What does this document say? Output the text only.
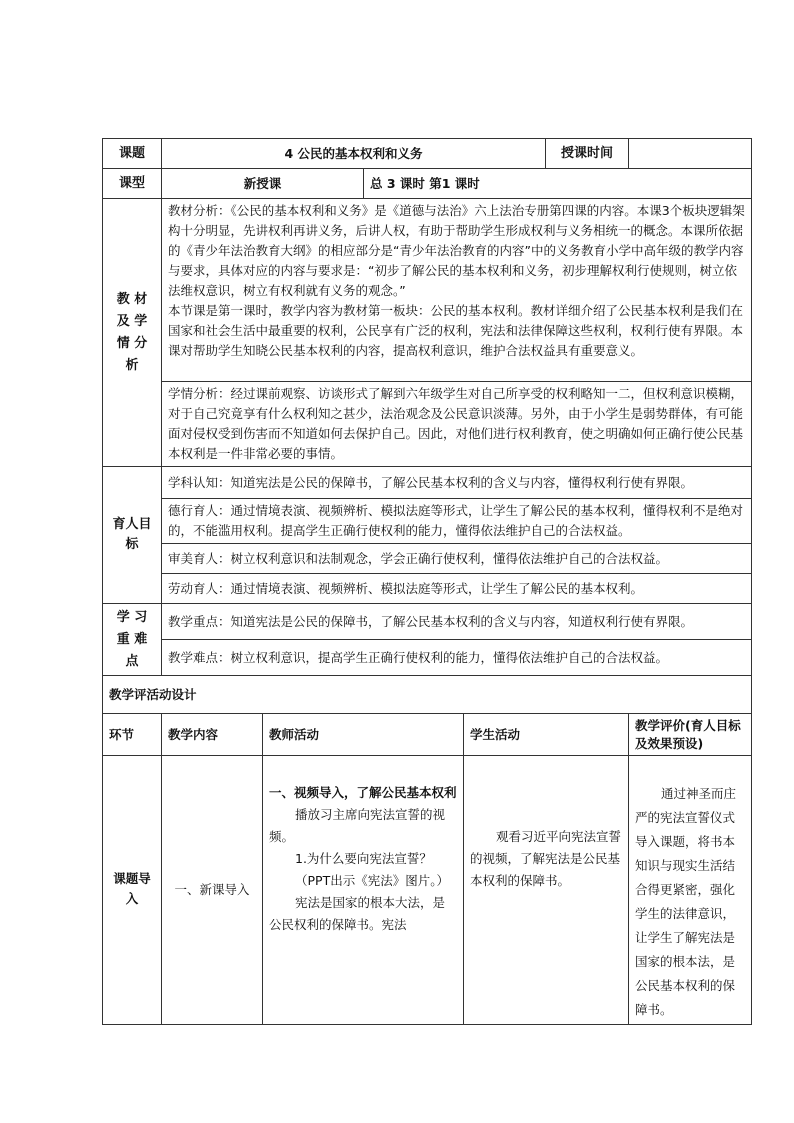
课题	4 公民的基本权利和义务				授课时间	
课型	新授课		总 3 课时 第1 课时			
教 材 及 学 情 分 析	教材分析：《公民的基本权利和义务》是《道德与法治》六上法治专册第四课的内容。本课3个板块逻辑架构十分明显，先讲权利再讲义务，后讲人权，有助于帮助学生形成权利与义务相统一的概念。本课所依据的《青少年法治教育大纲》的相应部分是“青少年法治教育的内容”中的义务教育小学中高年级的教学内容与要求，具体对应的内容与要求是：“初步了解公民的基本权利和义务，初步理解权利行使规则，树立依法维权意识，树立有权利就有义务的观念。”

本节课是第一课时，教学内容为教材第一板块：公民的基本权利。教材详细介绍了公民基本权利是我们在国家和社会生活中最重要的权利，公民享有广泛的权利，宪法和法律保障这些权利，权利行使有界限。本课对帮助学生知晓公民基本权利的内容，提高权利意识，维护合法权益具有重要意义。					

	学情分析：经过课前观察、访谈形式了解到六年级学生对自己所享受的权利略知一二，但权利意识模糊，对于自己究竟享有什么权利知之甚少，法治观念及公民意识淡薄。另外，由于小学生是弱势群体，有可能面对侵权受到伤害而不知道如何去保护自己。因此，对他们进行权利教育，使之明确如何正确行使公民基本权利是一件非常必要的事情。					

育人目标	学科认知：知道宪法是公民的保障书，了解公民基本权利的含义与内容，懂得权利行使有界限。					
	德行育人：通过情境表演、视频辨析、模拟法庭等形式，让学生了解公民的基本权利，懂得权利不是绝对的，不能滥用权利。提高学生正确行使权利的能力，懂得依法维护自己的合法权益。					
	审美育人：树立权利意识和法制观念，学会正确行使权利，懂得依法维护自己的合法权益。					
	劳动育人：通过情境表演、视频辨析、模拟法庭等形式，让学生了解公民的基本权利。					
学 习 重 难 点	教学重点：知道宪法是公民的保障书，了解公民基本权利的含义与内容，知道权利行使有界限。					
	教学难点：树立权利意识，提高学生正确行使权利的能力，懂得依法维护自己的合法权益。					
教学评活动设计						
环节	教学内容	教师活动		学生活动		教学评价(育人目标及效果预设)
课题导入	一、新课导入	一、视频导入，了解公民基本权利

播放习主席向宪法宣誓的视频。

1.为什么要向宪法宣誓？

（PPT出示《宪法》图片。）

宪法是国家的根本大法，是公民权利的保障书。宪法		观看习近平向宪法宣誓的视频，了解宪法是公民基本权利的保障书。		通过神圣而庄严的宪法宣誓仪式导入课题，将书本知识与现实生活结合得更紧密，强化学生的法律意识，让学生了解宪法是国家的根本法，是公民基本权利的保障书。
